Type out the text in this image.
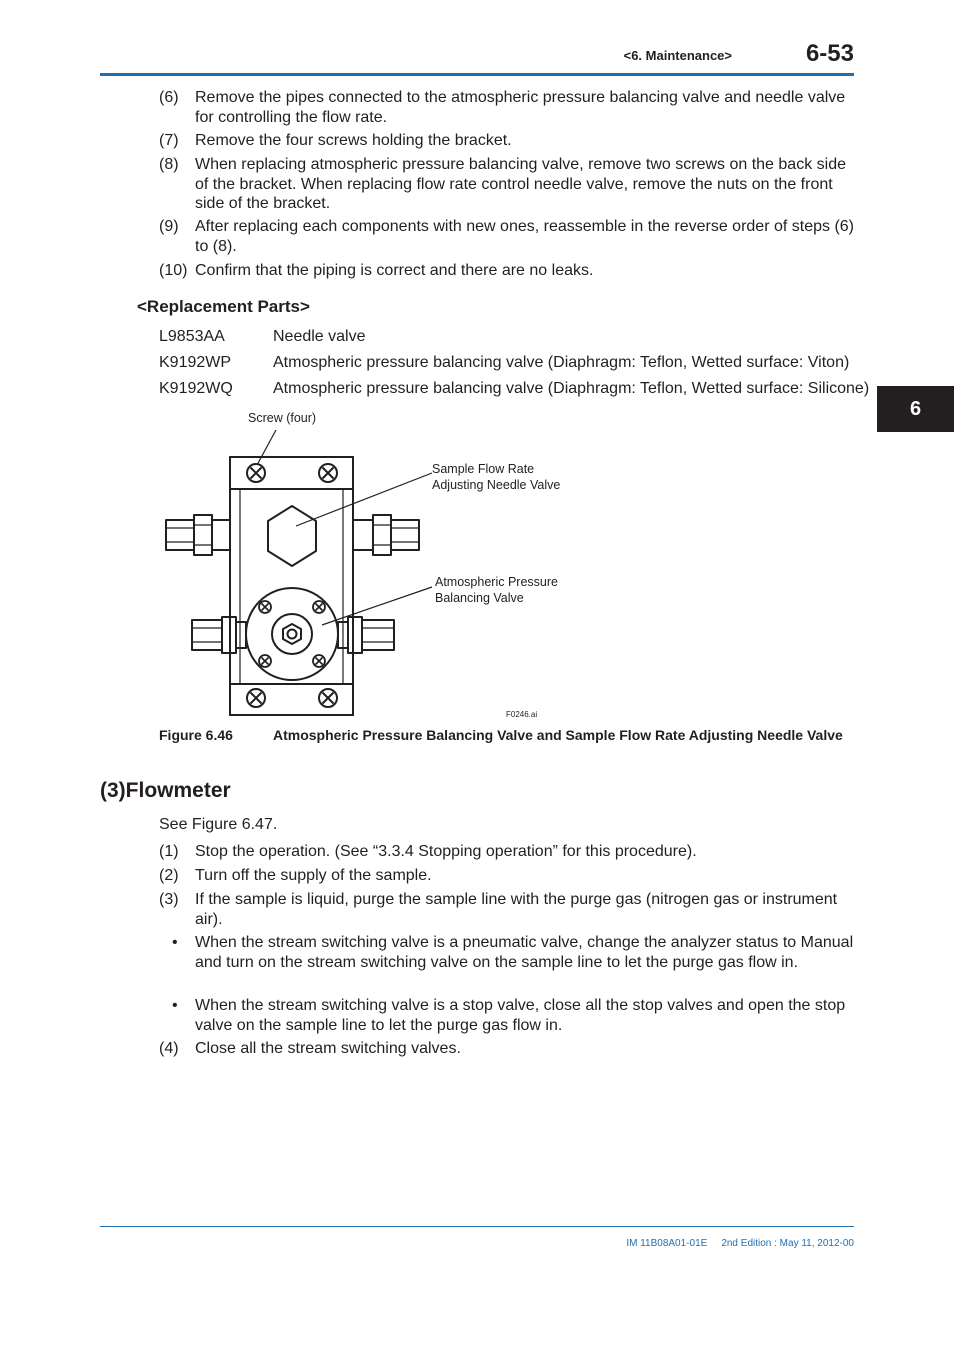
<6. Maintenance>	6-53
6
(6) Remove the pipes connected to the atmospheric pressure balancing valve and needle valve for controlling the flow rate.
(7) Remove the four screws holding the bracket.
(8) When replacing atmospheric pressure balancing valve, remove two screws on the back side of the bracket. When replacing flow rate control needle valve, remove the nuts on the front side of the bracket.
(9) After replacing each components with new ones, reassemble in the reverse order of steps (6) to (8).
(10) Confirm that the piping is correct and there are no leaks.
<Replacement Parts>
L9853AA	Needle valve
K9192WP	Atmospheric pressure balancing valve (Diaphragm: Teflon, Wetted surface: Viton)
K9192WQ	Atmospheric pressure balancing valve (Diaphragm: Teflon, Wetted surface: Silicone)
Screw (four)
Sample Flow Rate
Adjusting Needle Valve
Atmospheric Pressure
Balancing Valve
F0246.ai
Figure 6.46	Atmospheric Pressure Balancing Valve and Sample Flow Rate Adjusting Needle Valve
(3)Flowmeter
See Figure 6.47.
(1) Stop the operation. (See “3.3.4 Stopping operation” for this procedure).
(2) Turn off the supply of the sample.
(3) If the sample is liquid, purge the sample line with the purge gas (nitrogen gas or instrument air).
• When the stream switching valve is a pneumatic valve, change the analyzer status to Manual and turn on the stream switching valve on the sample line to let the purge gas flow in.
• When the stream switching valve is a stop valve, close all the stop valves and open the stop valve on the sample line to let the purge gas flow in.
(4) Close all the stream switching valves.
IM 11B08A01-01E 2nd Edition : May 11, 2012-00
